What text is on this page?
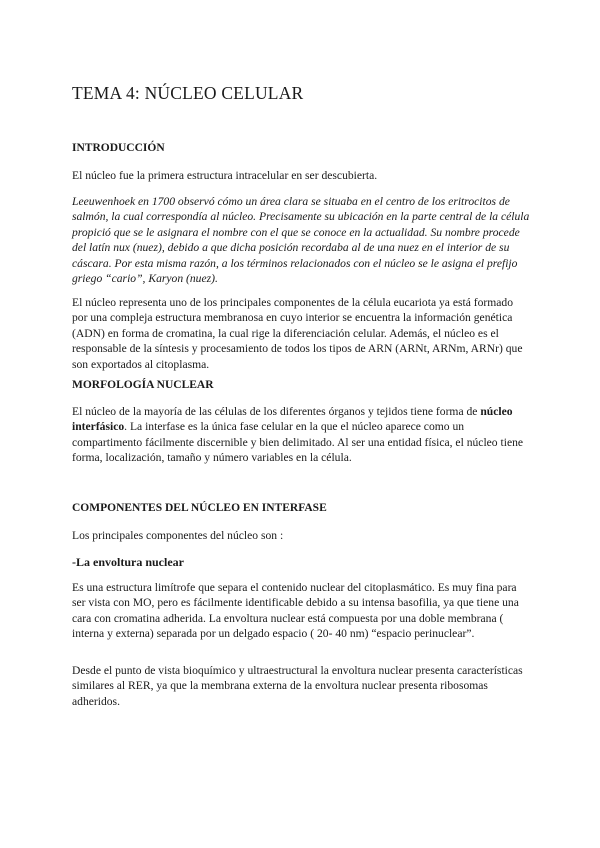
TEMA 4: NÚCLEO CELULAR
INTRODUCCIÓN

El núcleo fue la primera estructura intracelular en ser descubierta.

Leeuwenhoek en 1700 observó cómo un área clara se situaba en el centro de los eritrocitos de salmón, la cual correspondía al núcleo. Precisamente su ubicación en la parte central de la célula propició que se le asignara el nombre con el que se conoce en la actualidad. Su nombre procede del latín nux (nuez), debido a que dicha posición recordaba al de una nuez en el interior de su cáscara. Por esta misma razón, a los términos relacionados con el núcleo se le asigna el prefijo griego “cario”, Karyon (nuez).

El núcleo representa uno de los principales componentes de la célula eucariota ya está formado por una compleja estructura membranosa en cuyo interior se encuentra la información genética (ADN) en forma de cromatina, la cual rige la diferenciación celular. Además, el núcleo es el responsable de la síntesis y procesamiento de todos los tipos de ARN (ARNt, ARNm, ARNr) que son exportados al citoplasma.

MORFOLOGÍA NUCLEAR

El núcleo de la mayoría de las células de los diferentes órganos y tejidos tiene forma de núcleo interfásico. La interfase es la única fase celular en la que el núcleo aparece como un compartimento fácilmente discernible y bien delimitado. Al ser una entidad física, el núcleo tiene forma, localización, tamaño y número variables en la célula.

COMPONENTES DEL NÚCLEO EN INTERFASE

Los principales componentes del núcleo son :

-La envoltura nuclear

Es una estructura limítrofe que separa el contenido nuclear del citoplasmático. Es muy fina para ser vista con MO, pero es fácilmente identificable debido a su intensa basofilia, ya que tiene una cara con cromatina adherida. La envoltura nuclear está compuesta por una doble membrana ( interna y externa) separada por un delgado espacio ( 20- 40 nm) “espacio perinuclear”.

Desde el punto de vista bioquímico y ultraestructural la envoltura nuclear presenta características similares al RER, ya que la membrana externa de la envoltura nuclear presenta ribosomas adheridos.
